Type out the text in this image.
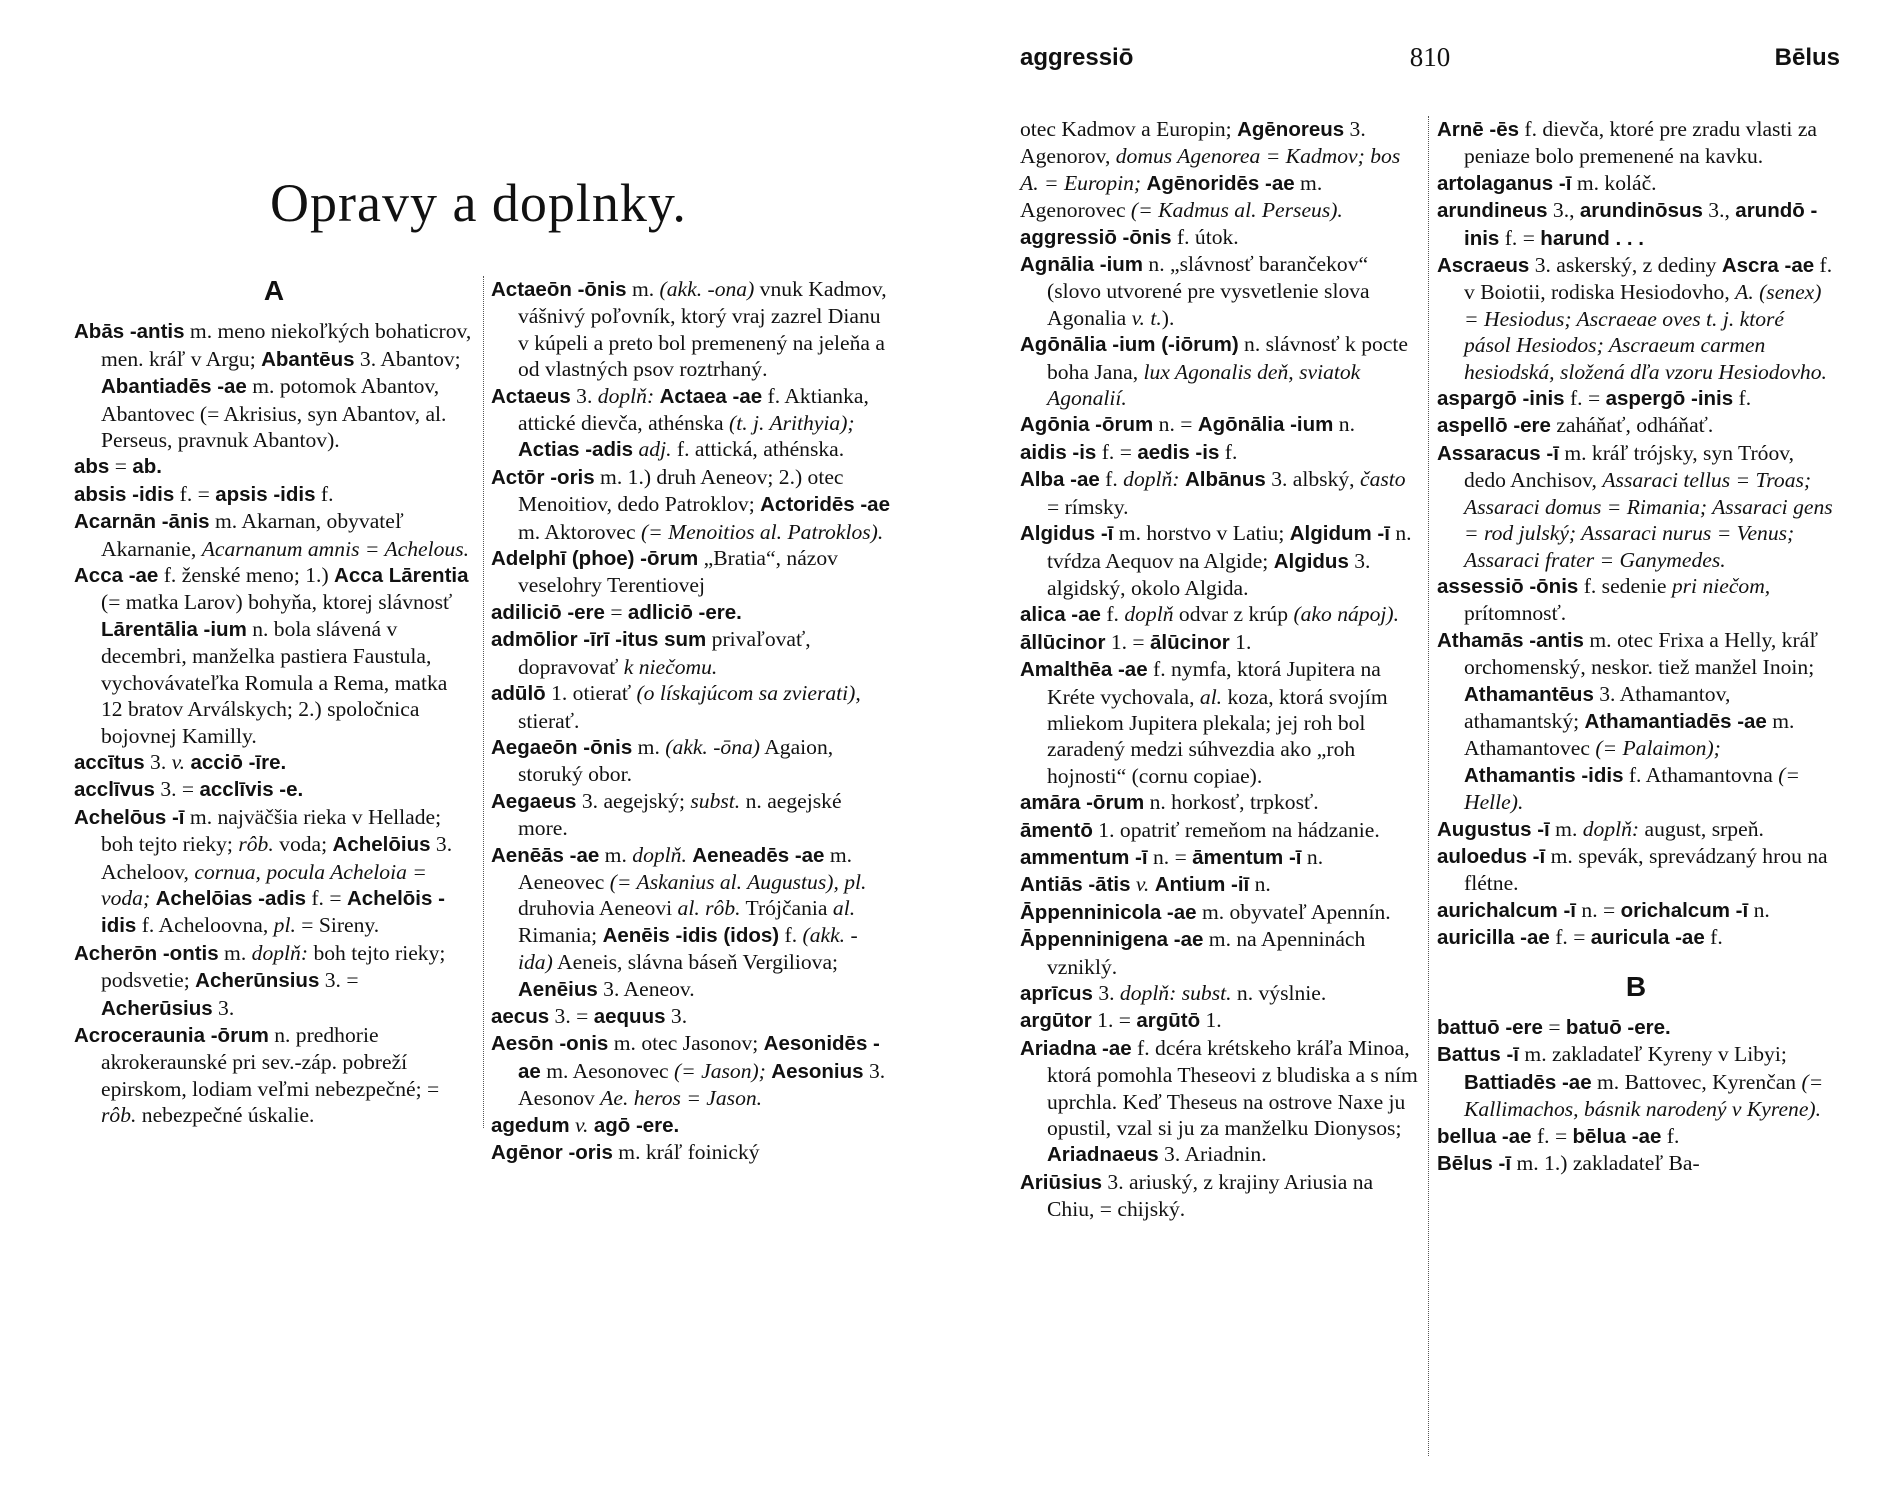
Opravy a doplnky.
A

Abās -antis m. meno niekoľkých bohaticrov, men. kráľ v Argu; Abantēus 3. Abantov; Abantiadēs -ae m. potomok Abantov, Abantovec (= Akrisius, syn Abantov, al. Perseus, pravnuk Abantov).

abs = ab.

absis -idis f. = apsis -idis f.

Acarnān -ānis m. Akarnan, obyvateľ Akarnanie, Acarnanum amnis = Achelous.

Acca -ae f. ženské meno; 1.) Acca Lārentia (= matka Larov) bohyňa, ktorej slávnosť Lārentālia -ium n. bola slávená v decembri, manželka pastiera Faustula, vychovávateľka Romula a Rema, matka 12 bratov Arválskych; 2.) spoločnica bojovnej Kamilly.

accītus 3. v. acciō -īre.

acclīvus 3. = acclīvis -e.

Achelōus -ī m. najväčšia rieka v Hellade; boh tejto rieky; rôb. voda; Achelōius 3. Acheloov, cornua, pocula Acheloia = voda; Achelōias -adis f. = Achelōis -idis f. Acheloovna, pl. = Sireny.

Acherōn -ontis m. doplň: boh tejto rieky; podsvetie; Acherūnsius 3. = Acherūsius 3.

Acroceraunia -ōrum n. predhorie akrokeraunské pri sev.-záp. pobreží epirskom, lodiam veľmi nebezpečné; = rôb. nebezpečné úskalie.

Actaeōn -ōnis m. (akk. -ona) vnuk Kadmov, vášnivý poľovník, ktorý vraj zazrel Dianu v kúpeli a preto bol premenený na jeleňa a od vlastných psov roztrhaný.

Actaeus 3. doplň: Actaea -ae f. Aktianka, attické dievča, athénska (t. j. Arithyia); Actias -adis adj. f. attická, athénska.

Actōr -oris m. 1.) druh Aeneov; 2.) otec Menoitiov, dedo Patroklov; Actoridēs -ae m. Aktorovec (= Menoitios al. Patroklos).

Adelphī (phoe) -ōrum „Bratia“, názov veselohry Terentiovej

adiliciō -ere = adliciō -ere.

admōlior -īrī -itus sum privaľovať, dopravovať k niečomu.

adūlō 1. otierať (o lískajúcom sa zvierati), stierať.

Aegaeōn -ōnis m. (akk. -ōna) Agaion, storuký obor.

Aegaeus 3. aegejský; subst. n. aegejské more.

Aenēās -ae m. doplň. Aeneadēs -ae m. Aeneovec (= Askanius al. Augustus), pl. druhovia Aeneovi al. rôb. Trójčania al. Rimania; Aenēis -idis (idos) f. (akk. -ida) Aeneis, slávna báseň Vergiliova; Aenēius 3. Aeneov.

aecus 3. = aequus 3.

Aesōn -onis m. otec Jasonov; Aesonidēs -ae m. Aesonovec (= Jason); Aesonius 3. Aesonov Ae. heros = Jason.

agedum v. agō -ere.

Agēnor -oris m. kráľ foinický

aggressiō	810	Bēlus

otec Kadmov a Europin; Agēnoreus 3. Agenorov, domus Agenorea = Kadmov; bos A. = Europin; Agēnoridēs -ae m. Agenorovec (= Kadmus al. Perseus).

aggressiō -ōnis f. útok.

Agnālia -ium n. „slávnosť barančekov“ (slovo utvorené pre vysvetlenie slova Agonalia v. t.).

Agōnālia -ium (-iōrum) n. slávnosť k pocte boha Jana, lux Agonalis deň, sviatok Agonalií.

Agōnia -ōrum n. = Agōnālia -ium n.

aidis -is f. = aedis -is f.

Alba -ae f. doplň: Albānus 3. albský, často = rímsky.

Algidus -ī m. horstvo v Latiu; Algidum -ī n. tvŕdza Aequov na Algide; Algidus 3. algidský, okolo Algida.

alica -ae f. doplň odvar z krúp (ako nápoj).

āllūcinor 1. = ālūcinor 1.

Amalthēa -ae f. nymfa, ktorá Jupitera na Kréte vychovala, al. koza, ktorá svojím mliekom Jupitera plekala; jej roh bol zaradený medzi súhvezdia ako „roh hojnosti“ (cornu copiae).

amāra -ōrum n. horkosť, trpkosť.

āmentō 1. opatriť remeňom na hádzanie.

ammentum -ī n. = āmentum -ī n.

Antiās -ātis v. Antium -iī n.

Āppenninicola -ae m. obyvateľ Apennín.

Āppenninigena -ae m. na Apenninách vzniklý.

aprīcus 3. doplň: subst. n. výslnie.

argūtor 1. = argūtō 1.

Ariadna -ae f. dcéra krétskeho kráľa Minoa, ktorá pomohla Theseovi z bludiska a s ním uprchla. Keď Theseus na ostrove Naxe ju opustil, vzal si ju za manželku Dionysos; Ariadnaeus 3. Ariadnin.

Ariūsius 3. ariuský, z krajiny Ariusia na Chiu, = chijský.

Arnē -ēs f. dievča, ktoré pre zradu vlasti za peniaze bolo premenené na kavku.

artolaganus -ī m. koláč.

arundineus 3., arundinōsus 3., arundō -inis f. = harund . . .

Ascraeus 3. askerský, z dediny Ascra -ae f. v Boiotii, rodiska Hesiodovho, A. (senex) = Hesiodus; Ascraeae oves t. j. ktoré pásol Hesiodos; Ascraeum carmen hesiodská, složená dľa vzoru Hesiodovho.

aspargō -inis f. = aspergō -inis f.

aspellō -ere zaháňať, odháňať.

Assaracus -ī m. kráľ trójsky, syn Tróov, dedo Anchisov, Assaraci tellus = Troas; Assaraci domus = Rimania; Assaraci gens = rod julský; Assaraci nurus = Venus; Assaraci frater = Ganymedes.

assessiō -ōnis f. sedenie pri niečom, prítomnosť.

Athamās -antis m. otec Frixa a Helly, kráľ orchomenský, neskor. tiež manžel Inoin; Athamantēus 3. Athamantov, athamantský; Athamantiadēs -ae m. Athamantovec (= Palaimon); Athamantis -idis f. Athamantovna (= Helle).

Augustus -ī m. doplň: august, srpeň.

auloedus -ī m. spevák, sprevádzaný hrou na flétne.

aurichalcum -ī n. = orichalcum -ī n.

auricilla -ae f. = auricula -ae f.

B

battuō -ere = batuō -ere.

Battus -ī m. zakladateľ Kyreny v Libyi; Battiadēs -ae m. Battovec, Kyrenčan (= Kallimachos, básnik narodený v Kyrene).

bellua -ae f. = bēlua -ae f.

Bēlus -ī m. 1.) zakladateľ Ba-
